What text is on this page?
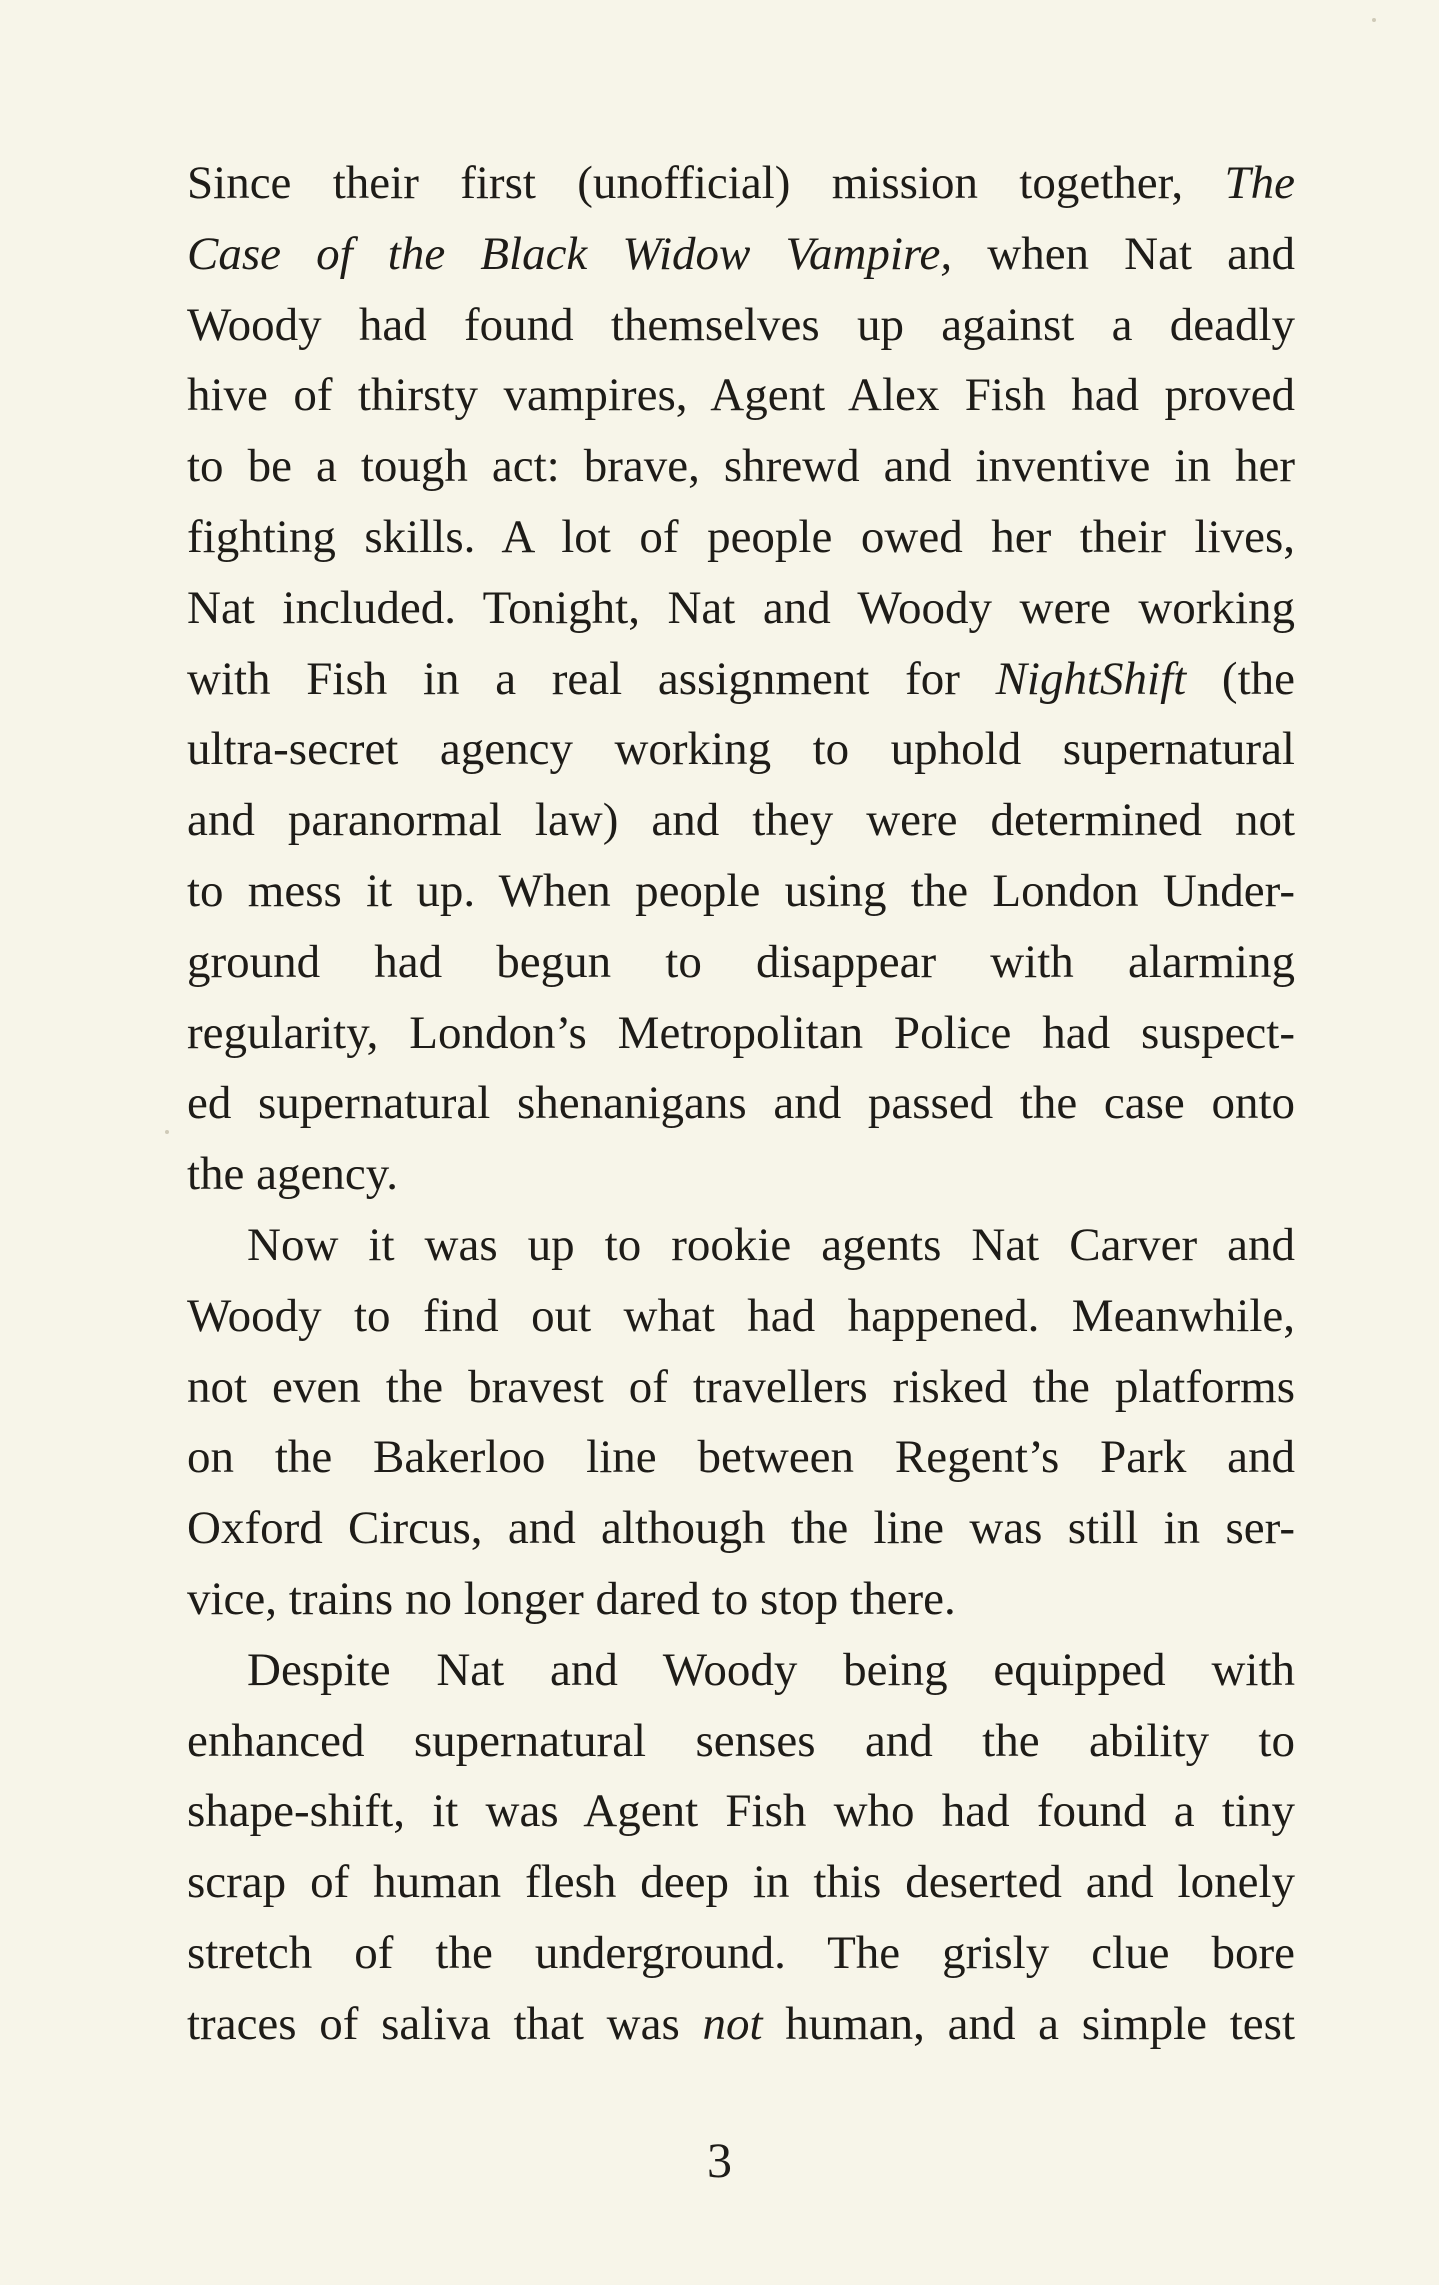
Since their first (unofficial) mission together, The
Case of the Black Widow Vampire, when Nat and
Woody had found themselves up against a deadly
hive of thirsty vampires, Agent Alex Fish had proved
to be a tough act: brave, shrewd and inventive in her
fighting skills. A lot of people owed her their lives,
Nat included. Tonight, Nat and Woody were working
with Fish in a real assignment for NightShift (the
ultra-secret agency working to uphold supernatural
and paranormal law) and they were determined not
to mess it up. When people using the London Under-
ground had begun to disappear with alarming
regularity, London’s Metropolitan Police had suspect-
ed supernatural shenanigans and passed the case onto
the agency.

Now it was up to rookie agents Nat Carver and
Woody to find out what had happened. Meanwhile,
not even the bravest of travellers risked the platforms
on the Bakerloo line between Regent’s Park and
Oxford Circus, and although the line was still in ser-
vice, trains no longer dared to stop there.

Despite Nat and Woody being equipped with
enhanced supernatural senses and the ability to
shape-shift, it was Agent Fish who had found a tiny
scrap of human flesh deep in this deserted and lonely
stretch of the underground. The grisly clue bore
traces of saliva that was not human, and a simple test

3
